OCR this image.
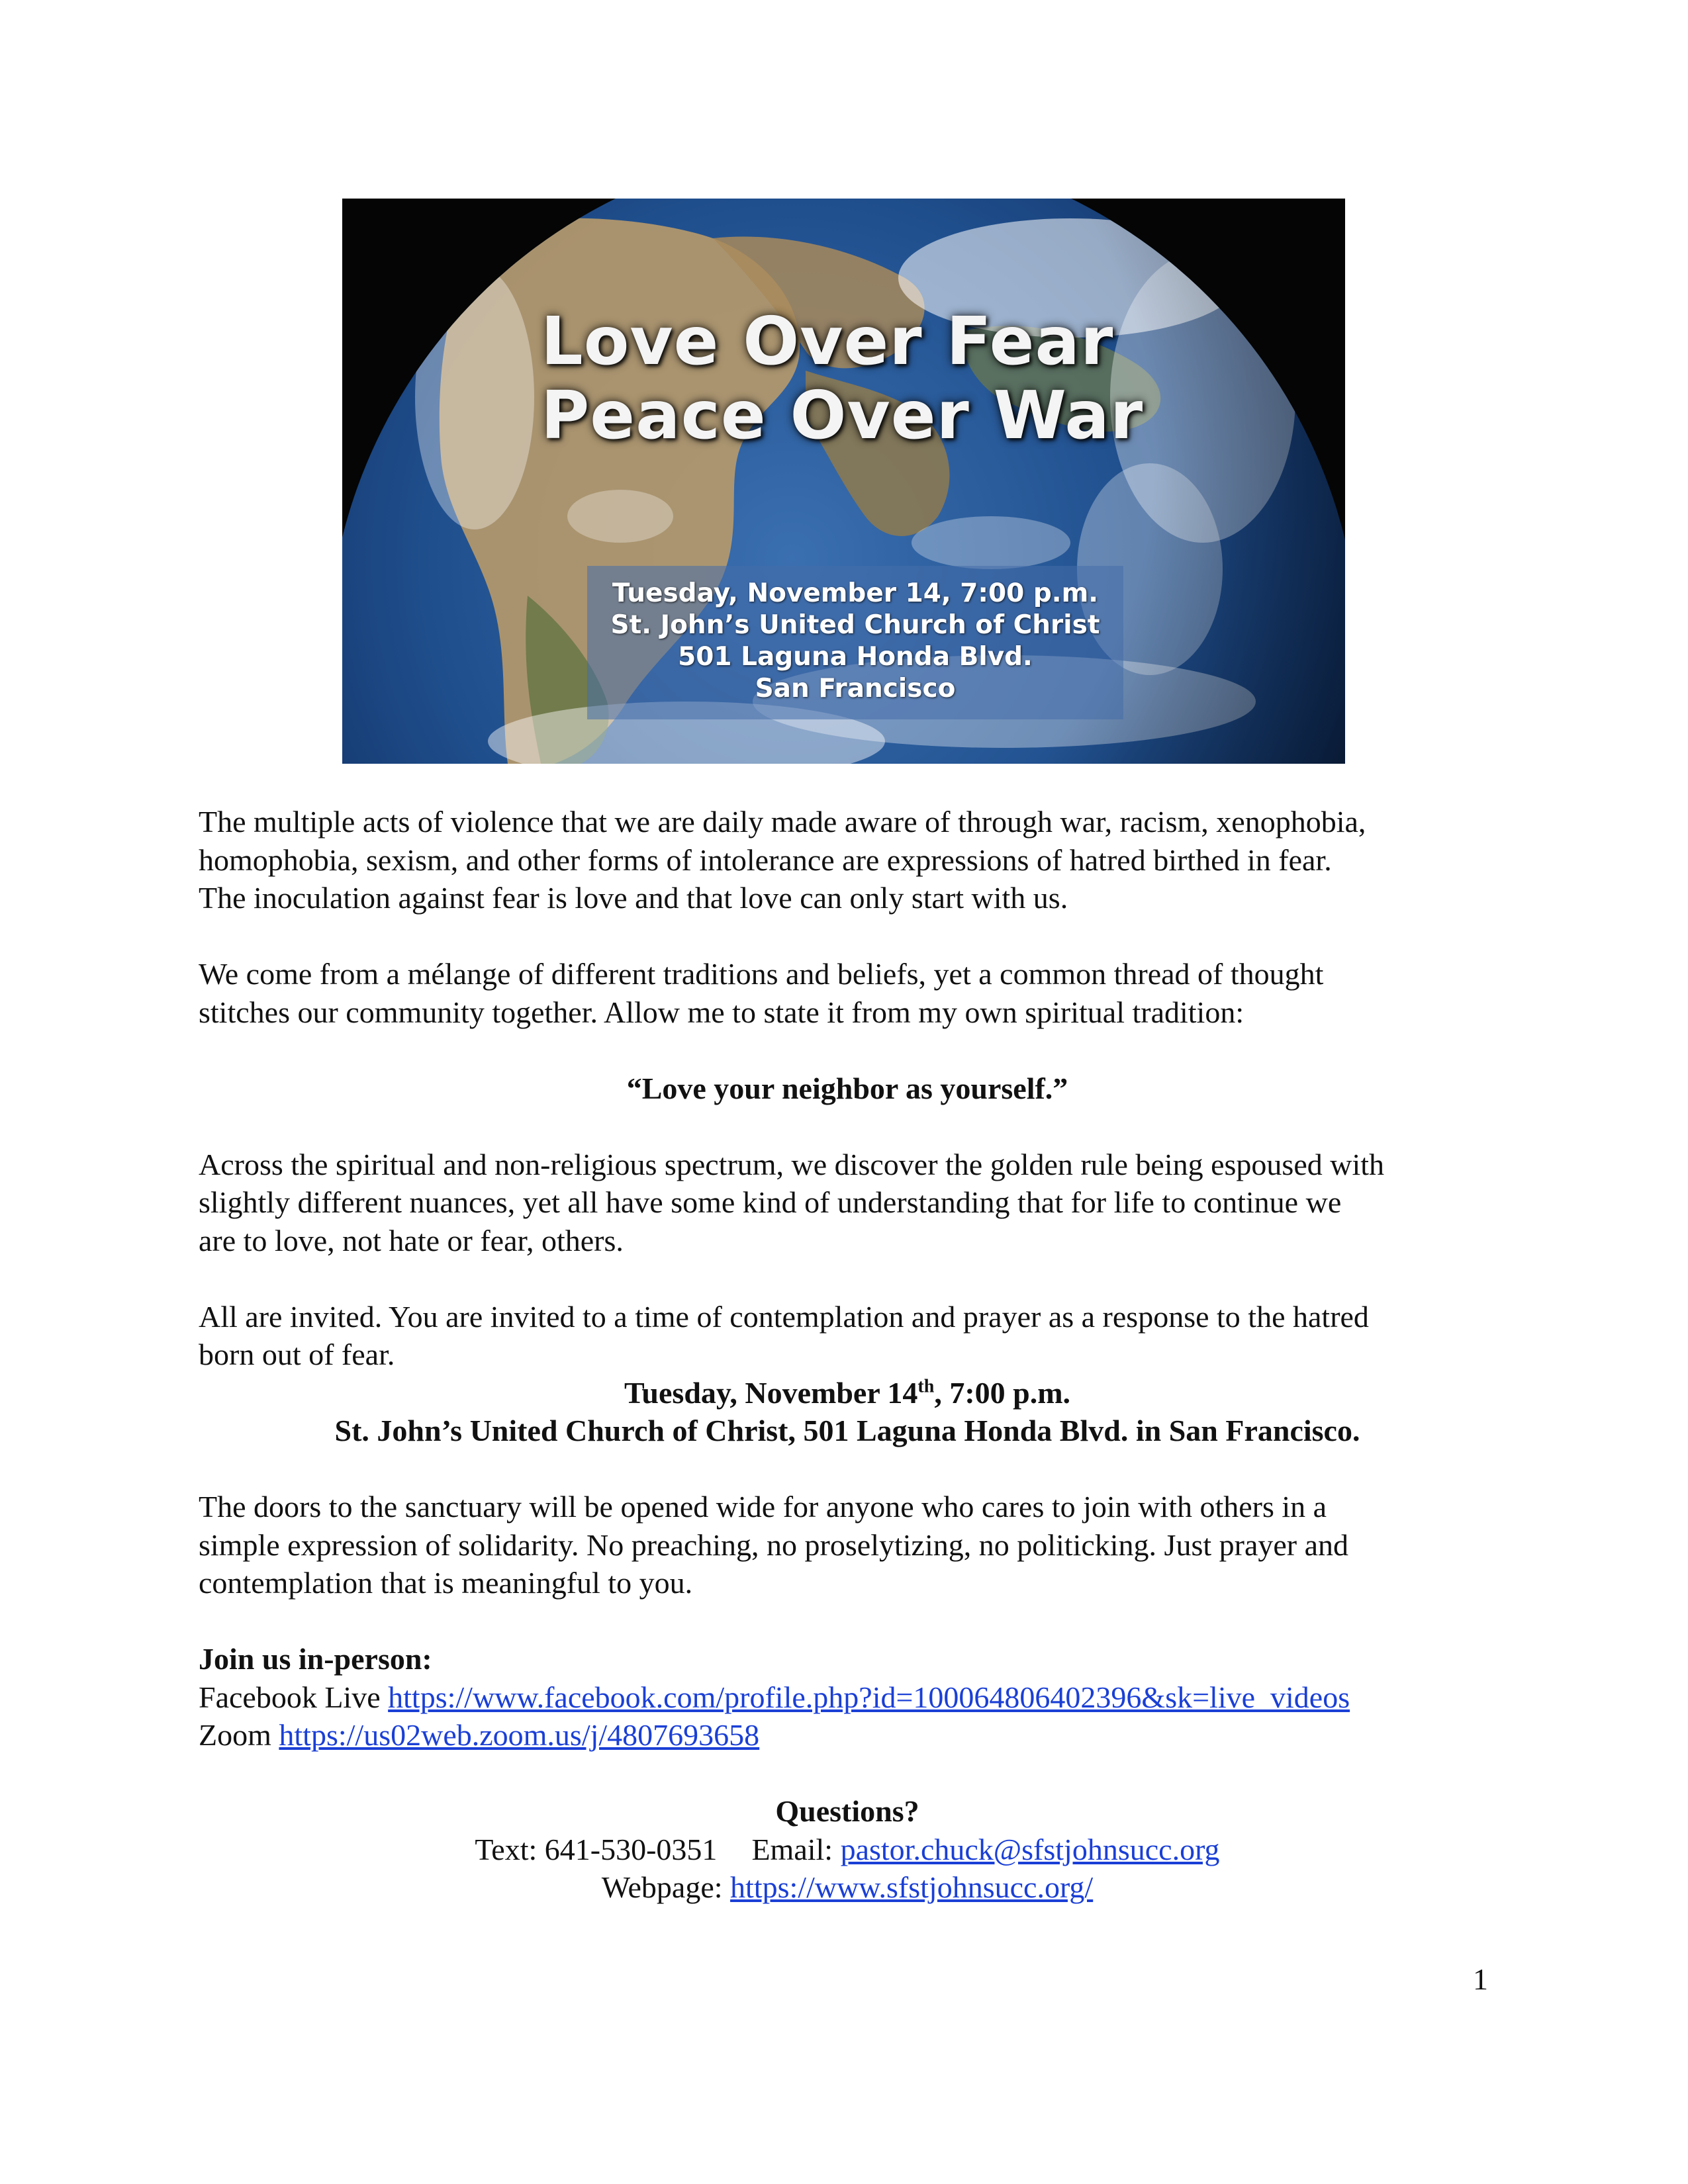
Love Over Fear
Peace Over War
Tuesday, November 14, 7:00 p.m.
St. John’s United Church of Christ
501 Laguna Honda Blvd.
San Francisco

The multiple acts of violence that we are daily made aware of through war, racism, xenophobia,

homophobia, sexism, and other forms of intolerance are expressions of hatred birthed in fear.

The inoculation against fear is love and that love can only start with us.

We come from a mélange of different traditions and beliefs, yet a common thread of thought

stitches our community together. Allow me to state it from my own spiritual tradition:

“Love your neighbor as yourself.”

Across the spiritual and non-religious spectrum, we discover the golden rule being espoused with

slightly different nuances, yet all have some kind of understanding that for life to continue we

are to love, not hate or fear, others.

All are invited. You are invited to a time of contemplation and prayer as a response to the hatred

born out of fear.

Tuesday, November 14th, 7:00 p.m.

St. John’s United Church of Christ, 501 Laguna Honda Blvd. in San Francisco.

The doors to the sanctuary will be opened wide for anyone who cares to join with others in a

simple expression of solidarity. No preaching, no proselytizing, no politicking. Just prayer and

contemplation that is meaningful to you.

Join us in-person:

Facebook Live https://www.facebook.com/profile.php?id=100064806402396&sk=live_videos

Zoom https://us02web.zoom.us/j/4807693658

Questions?

Text: 641-530-0351 Email: pastor.chuck@sfstjohnsucc.org

Webpage: https://www.sfstjohnsucc.org/

1
